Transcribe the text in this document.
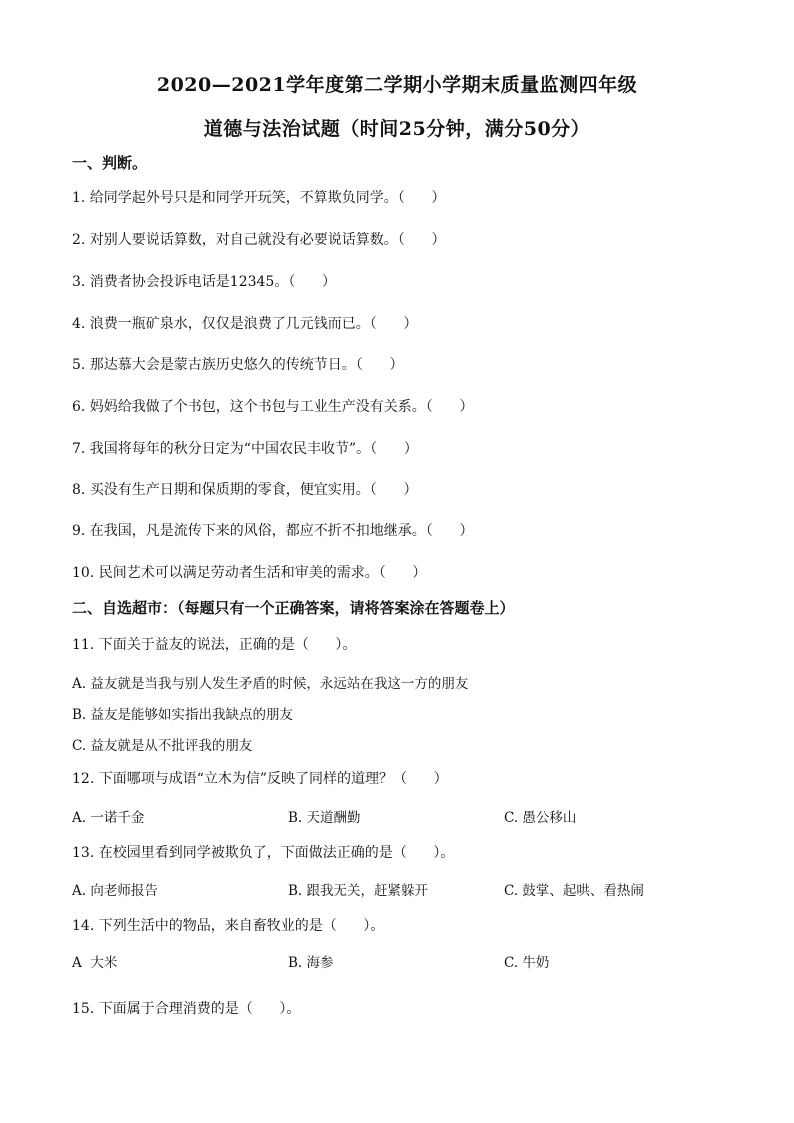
2020—2021学年度第二学期小学期末质量监测四年级
道德与法治试题（时间25分钟，满分50分）
一、判断。
1. 给同学起外号只是和同学开玩笑，不算欺负同学。（      ）
2. 对别人要说话算数，对自己就没有必要说话算数。（      ）
3. 消费者协会投诉电话是12345。（      ）
4. 浪费一瓶矿泉水，仅仅是浪费了几元钱而已。（      ）
5. 那达慕大会是蒙古族历史悠久的传统节日。（      ）
6. 妈妈给我做了个书包，这个书包与工业生产没有关系。（      ）
7. 我国将每年的秋分日定为“中国农民丰收节”。（      ）
8. 买没有生产日期和保质期的零食，便宜实用。（      ）
9. 在我国，凡是流传下来的风俗，都应不折不扣地继承。（      ）
10. 民间艺术可以满足劳动者生活和审美的需求。（      ）
二、自选超市：（每题只有一个正确答案，请将答案涂在答题卷上）
11. 下面关于益友的说法，正确的是（      ）。
A. 益友就是当我与别人发生矛盾的时候，永远站在我这一方的朋友
B. 益友是能够如实指出我缺点的朋友
C. 益友就是从不批评我的朋友
12. 下面哪项与成语“立木为信”反映了同样的道理？（      ）
A. 一诺千金	B. 天道酬勤	C. 愚公移山
13. 在校园里看到同学被欺负了，下面做法正确的是（      ）。
A. 向老师报告	B. 跟我无关，赶紧躲开	C. 鼓掌、起哄、看热闹
14. 下列生活中的物品，来自畜牧业的是（      ）。
A  大米	B. 海参	C. 牛奶
15. 下面属于合理消费的是（      ）。
